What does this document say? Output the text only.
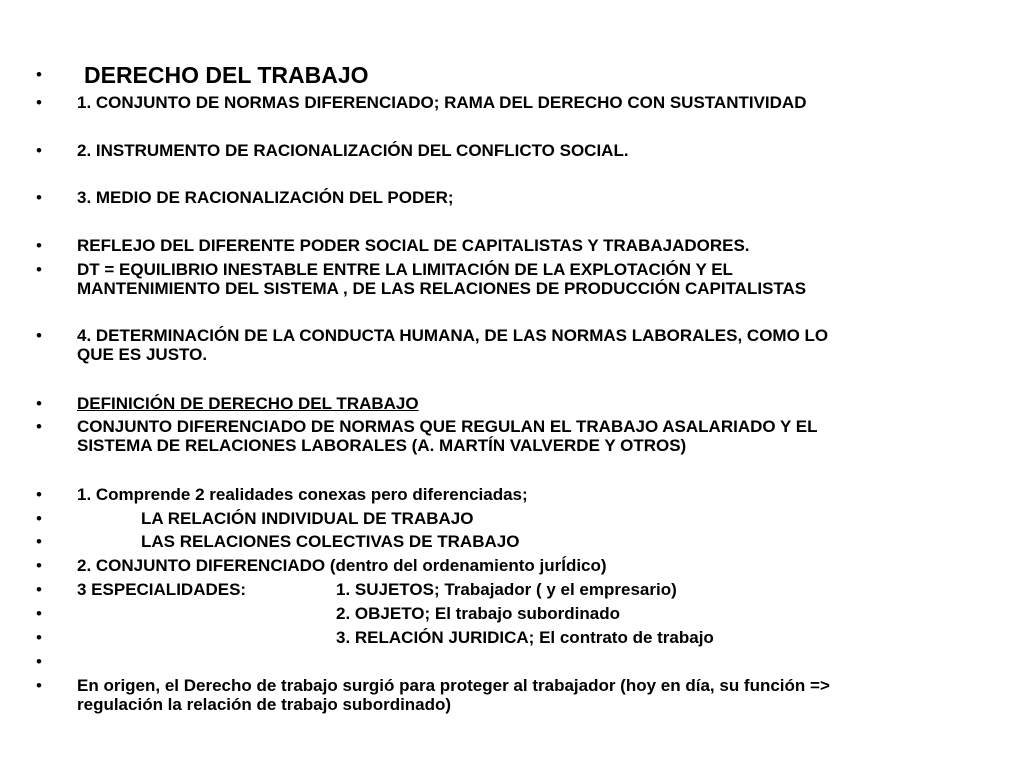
• DERECHO DEL TRABAJO
• 1. CONJUNTO DE NORMAS DIFERENCIADO; RAMA DEL DERECHO CON SUSTANTIVIDAD
• 2. INSTRUMENTO DE RACIONALIZACIÓN DEL CONFLICTO SOCIAL.
• 3. MEDIO DE RACIONALIZACIÓN DEL PODER;
• REFLEJO DEL DIFERENTE PODER SOCIAL DE CAPITALISTAS Y TRABAJADORES.
• DT = EQUILIBRIO INESTABLE ENTRE LA LIMITACIÓN DE LA EXPLOTACIÓN Y EL
MANTENIMIENTO DEL SISTEMA , DE LAS RELACIONES DE PRODUCCIÓN CAPITALISTAS
• 4. DETERMINACIÓN DE LA CONDUCTA HUMANA, DE LAS NORMAS LABORALES, COMO LO
QUE ES JUSTO.
• DEFINICIÓN DE DERECHO DEL TRABAJO
• CONJUNTO DIFERENCIADO DE NORMAS QUE REGULAN EL TRABAJO ASALARIADO Y EL
SISTEMA DE RELACIONES LABORALES (A. MARTÍN VALVERDE Y OTROS)
• 1. Comprende 2 realidades conexas pero diferenciadas;
•	LA RELACIÓN INDIVIDUAL DE TRABAJO
•	LAS RELACIONES COLECTIVAS DE TRABAJO
• 2. CONJUNTO DIFERENCIADO (dentro del ordenamiento jurÍdico)
• 3 ESPECIALIDADES:	1. SUJETOS; Trabajador ( y el empresario)
•	2. OBJETO; El trabajo subordinado
•	3. RELACIÓN JURIDICA; El contrato de trabajo
•
• En origen, el Derecho de trabajo surgió para proteger al trabajador (hoy en día, su función =>
regulación la relación de trabajo subordinado)
